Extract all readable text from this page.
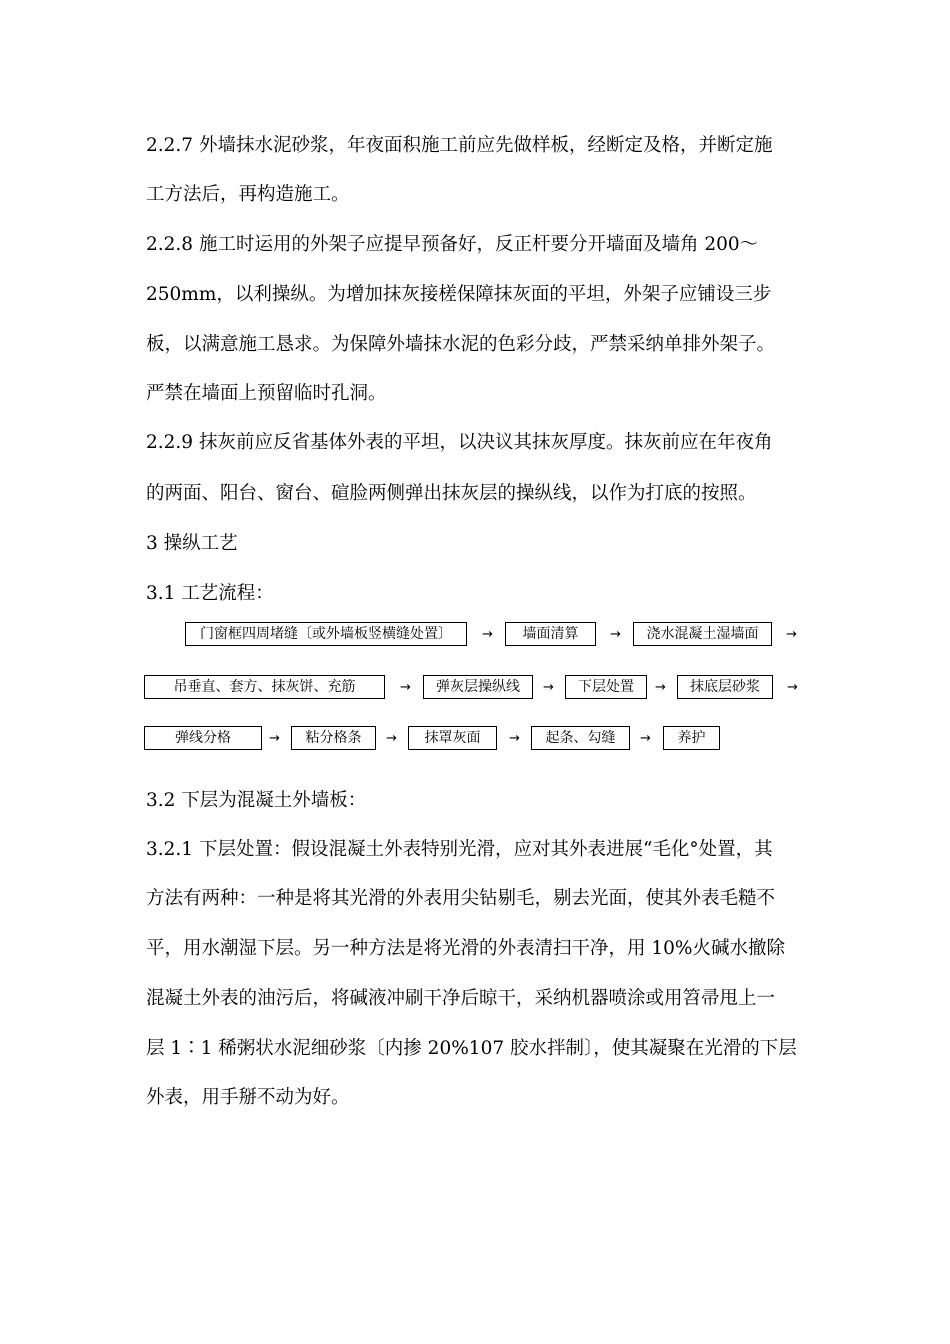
2.2.7 外墙抹水泥砂浆，年夜面积施工前应先做样板，经断定及格，并断定施
工方法后，再构造施工。
2.2.8 施工时运用的外架子应提早预备好，反正杆要分开墙面及墙角 200～
250mm，以利操纵。为增加抹灰接槎保障抹灰面的平坦，外架子应铺设三步
板，以满意施工恳求。为保障外墙抹水泥的色彩分歧，严禁采纳单排外架子。
严禁在墙面上预留临时孔洞。
2.2.9 抹灰前应反省基体外表的平坦，以决议其抹灰厚度。抹灰前应在年夜角
的两面、阳台、窗台、碹脸两侧弹出抹灰层的操纵线，以作为打底的按照。
3 操纵工艺
3.1 工艺流程：
门窗框四周堵缝〔或外墙板竖横缝处置〕	→	墙面清算	→	浇水混凝土湿墙面	→
吊垂直、套方、抹灰饼、充筋	→	弹灰层操纵线	→	下层处置	→	抹底层砂浆	→
弹线分格	→	粘分格条	→	抹罩灰面	→	起条、勾缝	→	养护
3.2 下层为混凝土外墙板：
3.2.1 下层处置：假设混凝土外表特别光滑，应对其外表进展“毛化°处置，其
方法有两种：一种是将其光滑的外表用尖钻剔毛，剔去光面，使其外表毛糙不
平，用水潮湿下层。另一种方法是将光滑的外表清扫干净，用 10%火碱水撤除
混凝土外表的油污后，将碱液冲刷干净后晾干，采纳机器喷涂或用笤帚甩上一
层 1∶1 稀粥状水泥细砂浆〔内掺 20%107 胶水拌制〕，使其凝聚在光滑的下层
外表，用手掰不动为好。
